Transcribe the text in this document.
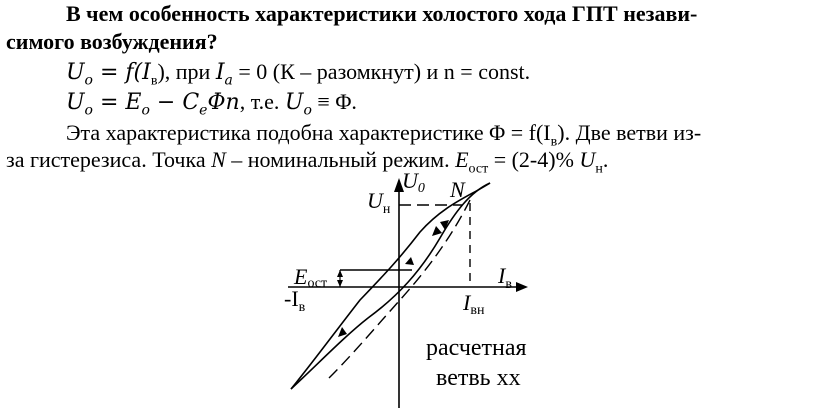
В чем особенность характеристики холостого хода ГПТ незави-
симого возбуждения?
$U_o = f(I_в)$, при $I_a = 0$ (К – разомкнут) и n = const.
$U_o = E_o - C_e\Phi n$, т.е. $U_o \equiv \Phi$.
Эта характеристика подобна характеристике $\Phi = f(I_в)$. Две ветви из-
за гистерезиса. Точка N – номинальный режим. $E_{ост} = (2-4)\%$ $U_н$.
U0
$U_н$
N
Eост	$I_в$
$-I_в$	Iвн
расчетная
ветвь хх
